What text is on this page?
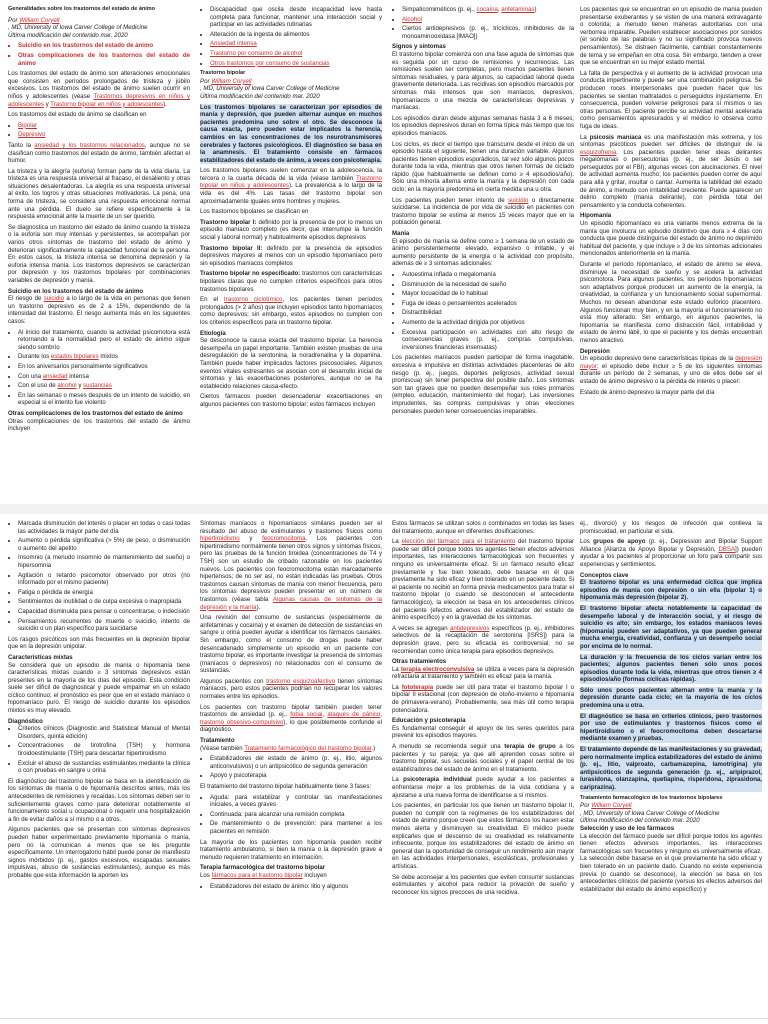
Generalidades sobre los trastornos del estado de ánimo

Por William Coryell

, MD, University of Iowa Carver College of Medicine

Última modificación del contenido mar. 2020

▪ Suicidio en los trastornos del estado de ánimo
▪ Otras complicaciones de los trastornos del estado de ánimo

Los trastornos del estado de ánimo son alteraciones emocionales que consisten en períodos prolongados de tristeza y júbilo excesivos. Los trastornos del estado de ánimo suelen ocurrir en niños y adolescentes (véase Trastornos depresivos en niños y adolescentes y Trastorno bipolar en niños y adolescentes).

Los trastornos del estado de ánimo se clasifican en

• Bipolar
• Depresivo

Tanto la ansiedad y los trastornos relacionados, aunque no se clasifican como trastornos del estado de ánimo, también afectan el humor.

La tristeza y la alegría (euforia) forman parte de la vida diaria. La tristeza es una respuesta universal al fracaso, el desaliento y otras situaciones desalentadoras. La alegría es una respuesta universal al éxito, los logros y otras situaciones motivadoras. La pena, una forma de tristeza, se considera una respuesta emocional normal ante una pérdida. El duelo se refiere específicamente a la respuesta emocional ante la muerte de un ser querido.

Se diagnostica un trastorno del estado de ánimo cuando la tristeza o la euforia son muy intensas y persistentes, se acompañan por varios otros síntomas de trastorno del estado de ánimo y deterioran significativamente la capacidad funcional de la persona. En estos casos, la tristeza intensa se denomina depresión y la euforia intensa manía. Los trastornos depresivos se caracterizan por depresión y los trastornos bipolares por combinaciones variables de depresión y manía.

Suicidio en los trastornos del estado de ánimo

El riesgo de suicidio a lo largo de la vida en personas que tienen un trastorno depresivo es de 2 a 15%, dependiendo de la intensidad del trastorno. El riesgo aumenta más en los siguientes casos:

• Al inicio del tratamiento, cuando la actividad psicomotora está retornando a la normalidad pero el estado de ánimo sigue siendo sombrío
• Durante los estados bipolares mixtos
• En los aniversarios personalmente significativos
• Con una ansiedad intensa
• Con el uso de alcohol y sustancias
• En las semanas o meses después de un intento de suicidio, en especial si el intento fue violento

Otras complicaciones de los trastornos del estado de ánimo

Otras complicaciones de los trastornos del estado de ánimo incluyen

• Discapacidad que oscila desde incapacidad leve hasta completa para funcionar, mantener una interacción social y participar en las actividades rutinarias
• Alteración de la ingesta de alimentos
• Ansiedad intensa
• Trastorno por consumo de alcohol
• Otros trastornos por consumo de sustancias

Trastorno bipolar

Por William Coryell

, MD, University of Iowa Carver College of Medicine

Última modificación del contenido mar. 2020

Los trastornos bipolares se caracterizan por episodios de manía y depresión, que pueden alternar aunque en muchos pacientes predomina uno sobre el otro. Se desconoce la causa exacta, pero pueden estar implicados la herencia, cambios en las concentraciones de los neurotransmisores cerebrales y factores psicológicos. El diagnóstico se basa en la anamnesis. El tratamiento consiste en fármacos estabilizadores del estado de ánimo, a veces con psicoterapia.

Los trastornos bipolares suelen comenzar en la adolescencia, la tercera o la cuarta década de la vida (véase también Trastorno bipolar en niños y adolescentes). La prevalencia a lo largo de la vida es del 4%. Las tasas del trastorno bipolar son aproximadamente iguales entre hombres y mujeres.

Los trastornos bipolares se clasifican en

Trastorno bipolar I: definido por la presencia de por lo menos un episodio maníaco completo (es decir, que interrumpe la función social y laboral normal) y habitualmente episodios depresivos

Trastorno bipolar II: definido por la presencia de episodios depresivos mayores al menos con un episodio hipomaníaco pero sin episodios maníacos completos

Trastorno bipolar no especificado: trastornos con características bipolares claras que no cumplen criterios específicos para otros trastornos bipolares

En el trastorno ciclotímico, los pacientes tienen períodos prolongados (> 2 años) que incluyen episodios tanto hipomaníacos como depresivos; sin embargo, estos episodios no cumplen con los criterios específicos para un trastorno bipolar.

Etiología

Se desconoce la causa exacta del trastorno bipolar. La herencia desempeña un papel importante. También existen pruebas de una desregulación de la serotonina, la noradrenalina y la dopamina. También puede haber implicados factores psicosociales. Algunos eventos vitales estresantes se asocian con el desarrollo inicial de síntomas y las exacerbaciones posteriores, aunque no se ha establecido relaciones causa-efecto.

Ciertos fármacos pueden desencadenar exacerbaciones en algunos pacientes con trastorno bipolar; estos fármacos incluyen

• Simpaticomiméticos (p. ej., cocaína, anfetaminas)
• Alcohol
• Ciertos antidepresivos (p. ej., tricíclicos, inhibidores de la monoaminooxidasa [IMAO])

Signos y síntomas

El trastorno bipolar comienza con una fase aguda de síntomas que es seguida por un curso de remisiones y recurrencias. Las remisiones suelen ser completas, pero muchos pacientes tienen síntomas residuales, y para algunos, su capacidad laboral queda gravemente deteriorada. Las recidivas son episodios marcados por síntomas más intensos que son maníacos, depresivos, hipomaníacos o una mezcla de características depresivas y maníacas.

Los episodios duran desde algunas semanas hasta 3 a 6 meses; los episodios depresivos duran en forma típica más tiempo que los episodios maníacos.

Los ciclos, es decir el tiempo que transcurre desde el inicio de un episodio hasta el siguiente, tienen una duración variable. Algunos pacientes tienen episodios esporádicos, tal vez sólo algunos pocos durante toda la vida, mientras que otros tienen formas de ciclado rápido (que habitualmente se definen como ≥ 4 episodios/año). Sólo una minoría alterna entre la manía y la depresión con cada ciclo; en la mayoría predomina en cierta medida una u otra.

Los pacientes pueden tener intento de suicidio o directamente suicidarse. La incidencia de por vida de suicidio en pacientes con trastorno bipolar se estima al menos 15 veces mayor que en la población general.

Manía

El episodio de manía se define como ≥ 1 semana de un estado de ánimo persistentemente elevado, expansivo o irritable, y el aumento persistente de la energía o la actividad con propósito, además de ≥ 3 síntomas adicionales:

• Autoestima inflada o megalomanía
• Disminución de la necesidad de sueño
• Mayor locuacidad de lo habitual
• Fuga de ideas o pensamientos acelerados
• Distractibilidad
• Aumento de la actividad dirigida por objetivos
• Excesiva participación en actividades con alto riesgo de consecuencias graves (p. ej., compras compulsivas, inversiones financieras insensatas)

Los pacientes maníacos pueden participar de forma inagotable, excesiva e impulsiva en distintas actividades placenteras de alto riesgo (p. ej., juegos, deportes peligrosos, actividad sexual promiscua) sin tener perspectiva del posible daño. Los síntomas son tan graves que no pueden desempeñar sus roles primarios (empleo, educación, mantenimiento del hogar). Las inversiones imprudentes, las compras compulsivas y otras elecciones personales pueden tener consecuencias irreparables.

Los pacientes que se encuentran en un episodio de manía pueden presentarse exuberantes y se visten de una manera extravagante o colorida; a menudo tienen maneras autoritarias con una verborrea imparable. Pueden establecer asociaciones por sonidos (el sonido de las palabras y no su significado provoca nuevos pensamientos). Se distraen fácilmente, cambian constantemente de tema y se empeñan en otra cosa. Sin embargo, tienden a creer que se encuentran en su mejor estado mental.

La falta de perspectiva y el aumento de la actividad provocan una conducta impertinente y puede ser una combinación peligrosa. Se producen roces interpersonales que pueden hacer que los pacientes se sientan maltratados o perseguidos injustamente. En consecuencia, pueden volverse peligrosos para sí mismos o las otras personas. El paciente percibe su actividad mental acelerada como pensamientos apresurados y el médico lo observa como fuga de ideas.

La psicosis maníaca es una manifestación más extrema, y los síntomas psicóticos pueden ser difíciles de distinguir de la esquizofrenia. Los pacientes pueden tener ideas delirantes megalómanas o persecutorias (p. ej., de ser Jesús o ser perseguidos por el FBI), algunas veces con alucinaciones. El nivel de actividad aumenta mucho; los pacientes pueden correr de aquí para allá y gritar, insultar o cantar. Aumenta la labilidad del estado de ánimo, a menudo con irritabilidad creciente. Puede aparecer un delirio completo (manía delirante), con pérdida total del pensamiento y la conducta coherentes.

Hipomanía

Un episodio hipomaníaco es una variante menos extrema de la manía que involucra un episodio distintivo que dura ≥ 4 días con conducta que puede distinguirse del estado de ánimo no deprimido habitual del paciente, y que incluye ≥ 3 de los síntomas adicionales mencionados anteriormente en la manía.

Durante el período hipomaníaco, el estado de ánimo se eleva, disminuye la necesidad de sueño y se acelera la actividad psicomotora. Para algunos pacientes, los períodos hipomaníacos son adaptativos porque producen un aumento de la energía, la creatividad, la confianza y un funcionamiento social supernormal. Muchos no desean abandonar este estado eufórico placentero. Algunos funcionan muy bien, y en la mayoría el funcionamiento no está muy alterado. Sin embargo, en algunos pacientes, la hipomanía se manifiesta como distracción fácil, irritabilidad y estado de ánimo lábil, lo que el paciente y los demás encuentran menos atractivo.

Depresión

Un episodio depresivo tiene características típicas de la depresión mayor; el episodio debe incluir ≥ 5 de los siguientes síntomas durante un período de 2 semanas, y uno de ellos debe ser el estado de ánimo depresivo o la pérdida de interés o placer:

Estado de ánimo depresivo la mayor parte del día

• Marcada disminución del interés o placer en todas o casi todas las actividades la mayor parte del día
• Aumento o pérdida significativa (> 5%) de peso, o disminución o aumento del apetito
• Insomnio (a menudo insomnio de mantenimiento del sueño) o hipersomnia
• Agitación o retardo psicomotor observado por otros (no informado por el mismo paciente)
• Fatiga o pérdida de energía
• Sentimientos de inutilidad o de culpa excesiva o inapropiada
• Capacidad disminuida para pensar o concentrarse, o indecisión
• Pensamientos recurrentes de muerte o suicidio, intento de suicidio o un plan específico para suicidarse

Los rasgos psicóticos son más frecuentes en la depresión bipolar que en la depresión unipolar.

Características mixtas

Se considera que un episodio de manía o hipomanía tiene características mixtas cuando ≥ 3 síntomas depresivos están presentes en la mayoría de los días del episodio. Esta condición suele ser difícil de diagnosticar y puede empalmar en un estado cíclico continuo; el pronóstico es peor que en el estado maníaco o hipomaníaco puro. El riesgo de suicidio durante los episodios mixtos es muy elevado.

Diagnóstico

• Criterios clínicos (Diagnostic and Statistical Manual of Mental Disorders, quinta edición)
• Concentraciones de tirotrofina (TSH) y hormona tiroidoestimulante (TSH) para descartar hipertiroidismo
• Excluir el abuso de sustancias estimulantes mediante la clínica o con pruebas en sangre u orina

El diagnóstico del trastorno bipolar se basa en la identificación de los síntomas de manía o de hipomanía descritos antes, más los antecedentes de remisiones y recaídas. Los síntomas deben ser lo suficientemente graves como para deteriorar notablemente el funcionamiento social u ocupacional o requerir una hospitalización a fin de evitar daños a sí mismo o a otros.

Algunos pacientes que se presentan con síntomas depresivos pueden haber experimentado previamente hipomanía o manía, pero no la comunican a menos que se les pregunte específicamente. Un interrogatorio hábil puede poner de manifiesto signos mórbidos (p. ej., gastos excesivos, escapadas sexuales impulsivas, abuso de sustancias estimulantes), aunque es más probable que esta información la aporten los

Síntomas maníacos o hipomaníacos similares pueden ser el resultado del abuso de estimulantes y trastornos físicos como hipertiroidismo y feocromocitoma. Los pacientes con hipertiroidismo normalmente tienen otros signos y síntomas físicos, pero las pruebas de la función tiroidea (concentraciones de T4 y TSH) son un estudio de cribado razonable en los pacientes nuevos. Los pacientes con feocromocitoma están marcadamente hipertensos; de no ser así, no están indicadas las pruebas. Otros trastornos causan síntomas de manía con menor frecuencia, pero los síntomas depresivos pueden presentar en un número de trastornos (véase tabla Algunas causas de síntomas de la depresión y la manía).

Una revisión del consumo de sustancias (especialmente de anfetaminas y cocaína) y el examen de detección de sustancias en sangre u orina pueden ayudar a identificar los fármacos causales. Sin embargo, como el consumo de drogas puede haber desencadenado simplemente un episodio en un paciente con trastorno bipolar, es importante investigar la presencia de síntomas (maníacos o depresivos) no relacionados con el consumo de sustancias.

Algunos pacientes con trastorno esquizoafectivo tienen síntomas maníacos, pero estos pacientes podrían no recuperar los valores normales entre los episodios.

Los pacientes con trastorno bipolar también pueden tener trastornos de ansiedad (p. ej., fobia social, ataques de pánico, trastorno obsesivo-compulsivo), lo que posiblemente confunde el diagnóstico.

Tratamiento

(Véase también Tratamiento farmacológico del trastorno bipolar.)

• Estabilizadores del estado de ánimo (p. ej., litio, algunos anticonvulsivos) o un antipsicótico de segunda generación
• Apoyo y psicoterapia

El tratamiento del trastorno bipolar habitualmente tiene 3 fases:

• Aguda: para estabilizar y controlar las manifestaciones iniciales, a veces graves
• Continuada: para alcanzar una remisión completa
• De mantenimiento o de prevención: para mantener a los pacientes en remisión

La mayoría de los pacientes con hipomanía pueden recibir tratamiento ambulatorio, si bien la manía o la depresión grave a menudo requieren tratamiento en internación.

Terapia farmacológica del trastorno bipolar

Los fármacos para el trastorno bipolar incluyen

• Estabilizadores del estado de ánimo: litio y algunos

Estos fármacos se utilizan solos o combinados en todas las fases del tratamiento, aunque en diferentes dosificaciones.

La elección del fármaco para el tratamiento del trastorno bipolar puede ser difícil porque todos los agentes tienen efectos adversos importantes, las interacciones farmacológicas son frecuentes y ninguno es universalmente eficaz. Si un fármaco resultó eficaz previamente y fue bien tolerado, debe basarse en él que previamente ha sido eficaz y bien tolerado en un paciente dado. Si el paciente no recibió en forma previa medicamentos para tratar el trastorno bipolar (o cuando se desconocen el antecedente farmacológico), la elección se basa en los antecedentes clínicos del paciente (efectos adversos del estabilizador del estado de ánimo específico) y en la gravedad de los síntomas.

A veces se agregan antidepresivos específicos (p. ej., inhibidores selectivos de la recaptación de serotonina [ISRS]) para la depresión grave, pero su eficacia es controversial; no se recomiendan como única terapia para episodios depresivos.

Otras tratamientos

La terapia electroconvulsiva se utiliza a veces para la depresión refractaria al tratamiento y también es eficaz para la manía.

La fototerapia puede ser útil para tratar el trastorno bipolar I o bipolar II estacional (con depresión de otoño-invierno e hipomanía de primavera-verano). Probablemente, sea más útil como terapia potenciadora.

Educación y psicoterapia

Es fundamental conseguir el apoyo de los seres queridos para prevenir los episodios mayores.

A menudo se recomienda seguir una terapia de grupo a los pacientes y su pareja; ya que allí aprenden cosas sobre el trastorno bipolar, sus secuelas sociales y el papel central de los estabilizadores del estado de ánimo en el tratamiento.

La psicoterapia individual puede ayudar a los pacientes a enfrentarse mejor a los problemas de la vida cotidiana y a ajustarse a una nueva forma de identificarse a sí mismos.

Los pacientes, en particular los que tienen un trastorno bipolar II, pueden no cumplir con la regímenes de los estabilizadores del estado de ánimo porque creen que estos fármacos los hacen estar menos alerta y disminuyen su creatividad. El médico puede explicarles que el descenso de su creatividad es relativamente infrecuente, porque los estabilizadores del estado de ánimo en general dan la oportunidad de conseguir un rendimiento aún mayor en las actividades interpersonales, escolásticas, profesionales y artísticas.

Se debe aconsejar a los pacientes que eviten consumir sustancias estimulantes y alcohol para reducir la privación de sueño y reconocer los signos precoces de una recidiva.

ej., divorcio) y los riesgos de infección que conlleva la promiscuidad, en particular el sida.

Los grupos de apoyo (p. ej., Depression and Bipolar Support Alliance [Alianza de Apoyo Bipolar y Depresión, DBSA]) pueden ayudar a los pacientes al proporcionar un foro para compartir sus experiencias y sentimientos.

Conceptos clave

El trastorno bipolar es una enfermedad cíclica que implica episodios de manía con depresión o sin ella (bipolar 1) o hipomanía más depresión (bipolar 2).

El trastorno bipolar afecta notablemente la capacidad de desempeño laboral y de interacción social, y el riesgo de suicidio es alto; sin embargo, los estados maníacos leves (hipomanía) pueden ser adaptativos, ya que pueden generar mucha energía, creatividad, confianza y un desempeño social por encima de lo normal.

La duración y la frecuencia de los ciclos varían entre los pacientes; algunos pacientes tienen sólo unos pocos episodios durante toda la vida, mientras que otros tienen ≥ 4 episodios/año (formas cíclicas rápidas).

Sólo unos pocos pacientes alternan entre la manía y la depresión durante cada ciclo; en la mayoría de los ciclos predomina una u otra.

El diagnóstico se basa en criterios clínicos, pero trastornos por uso de estimulantes y trastornos físicos como el hipertiroidismo o el feocromocitoma deben descartarse mediante examen y pruebas.

El tratamiento depende de las manifestaciones y su gravedad, pero normalmente implica estabilizadores del estado de ánimo (p. ej., litio, valproato, carbamazepina, lamotrigina) y/o antipsicóticos de segunda generación (p. ej., aripiprazol, lurasidona, olanzapina, quetiapina, risperidona, ziprasidona, cariprazina).

Tratamiento farmacológico de los trastornos bipolares

Por William Coryell

, MD, University of Iowa Carver College of Medicine

Última modificación del contenido mar. 2020

Selección y uso de los fármacos

La elección del fármaco puede ser difícil porque todos los agentes tienen efectos adversos importantes, las interacciones farmacológicas son frecuentes y ninguno es universalmente eficaz. La selección debe basarse en el que previamente ha sido eficaz y bien tolerado en un paciente dado. Cuando no existe experiencia previa (o cuando se desconoce), la elección se basa en los antecedentes clínicos del paciente (versus los efectos adversos del estabilizador del estado de ánimo específico) y
